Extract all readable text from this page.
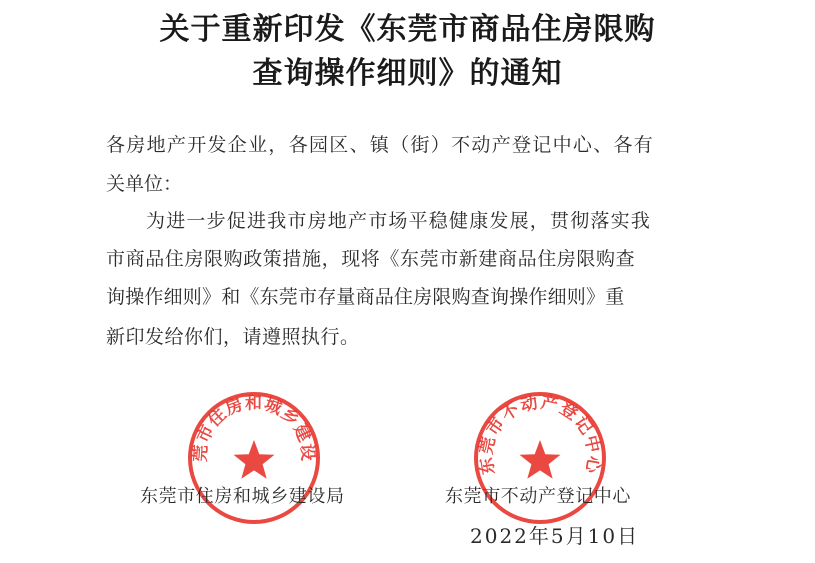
关于重新印发《东莞市商品住房限购
查询操作细则》的通知
各房地产开发企业，各园区、镇（街）不动产登记中心、各有
关单位：
为进一步促进我市房地产市场平稳健康发展，贯彻落实我
市商品住房限购政策措施，现将《东莞市新建商品住房限购查
询操作细则》和《东莞市存量商品住房限购查询操作细则》重
新印发给你们，请遵照执行。
东莞市住房和城乡建设局
东莞市不动产登记中心
东莞市住房和城乡建设局	东莞市不动产登记中心
2022年5月10日
